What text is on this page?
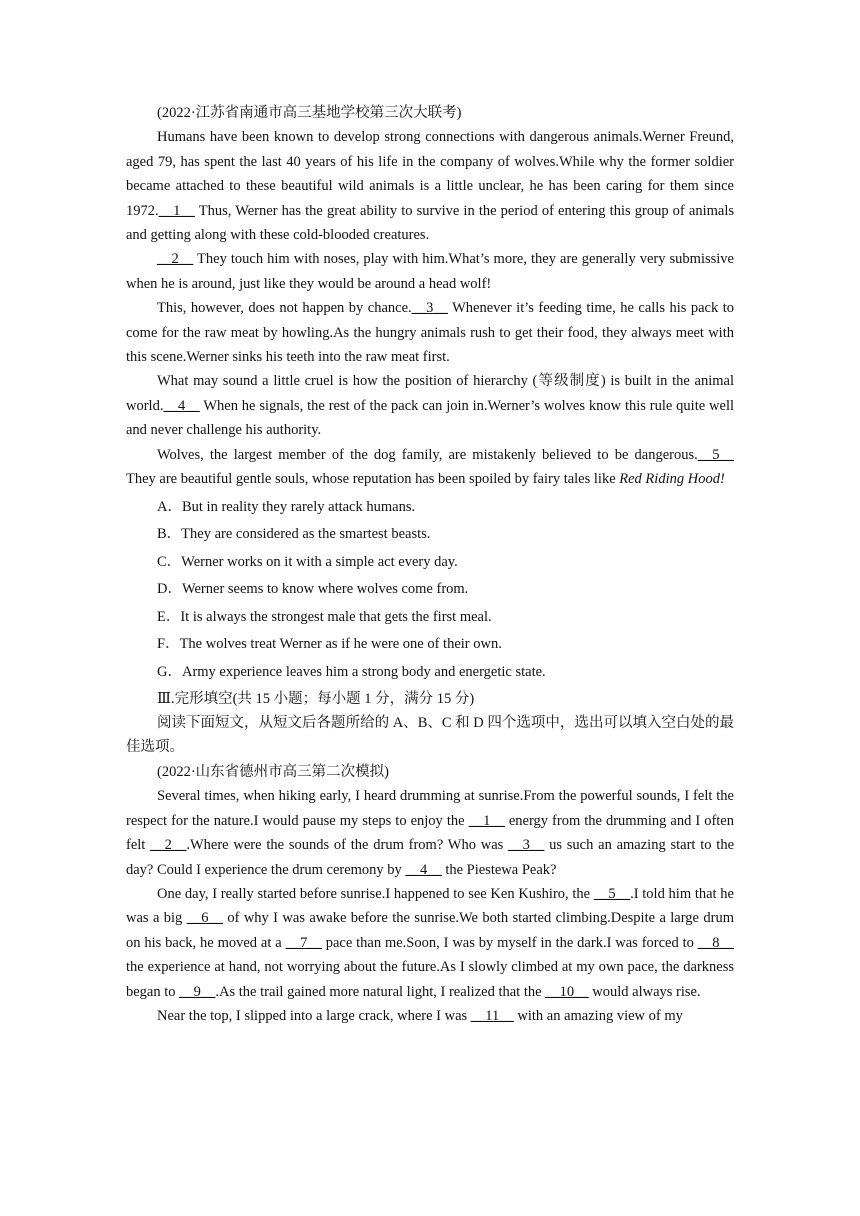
(2022·江苏省南通市高三基地学校第三次大联考)

Humans have been known to develop strong connections with dangerous animals.Werner Freund, aged 79, has spent the last 40 years of his life in the company of wolves.While why the former soldier became attached to these beautiful wild animals is a little unclear, he has been caring for them since 1972.__1__ Thus, Werner has the great ability to survive in the period of entering this group of animals and getting along with these cold-blooded creatures.

__2__ They touch him with noses, play with him.What’s more, they are generally very submissive when he is around, just like they would be around a head wolf!

This, however, does not happen by chance.__3__ Whenever it’s feeding time, he calls his pack to come for the raw meat by howling.As the hungry animals rush to get their food, they always meet with this scene.Werner sinks his teeth into the raw meat first.

What may sound a little cruel is how the position of hierarchy (等级制度) is built in the animal world.__4__ When he signals, the rest of the pack can join in.Werner’s wolves know this rule quite well and never challenge his authority.

Wolves, the largest member of the dog family, are mistakenly believed to be dangerous.__5__ They are beautiful gentle souls, whose reputation has been spoiled by fairy tales like Red Riding Hood!

A．But in reality they rarely attack humans.

B．They are considered as the smartest beasts.

C．Werner works on it with a simple act every day.

D．Werner seems to know where wolves come from.

E．It is always the strongest male that gets the first meal.

F．The wolves treat Werner as if he were one of their own.

G．Army experience leaves him a strong body and energetic state.

Ⅲ.完形填空(共 15 小题；每小题 1 分，满分 15 分)

阅读下面短文，从短文后各题所给的 A、B、C 和 D 四个选项中，选出可以填入空白处的最佳选项。

(2022·山东省德州市高三第二次模拟)

Several times, when hiking early, I heard drumming at sunrise.From the powerful sounds, I felt the respect for the nature.I would pause my steps to enjoy the __1__ energy from the drumming and I often felt __2__.Where were the sounds of the drum from? Who was __3__ us such an amazing start to the day? Could I experience the drum ceremony by __4__ the Piestewa Peak?

One day, I really started before sunrise.I happened to see Ken Kushiro, the __5__.I told him that he was a big __6__ of why I was awake before the sunrise.We both started climbing.Despite a large drum on his back, he moved at a __7__ pace than me.Soon, I was by myself in the dark.I was forced to __8__ the experience at hand, not worrying about the future.As I slowly climbed at my own pace, the darkness began to __9__.As the trail gained more natural light, I realized that the __10__ would always rise.

Near the top, I slipped into a large crack, where I was __11__ with an amazing view of my
